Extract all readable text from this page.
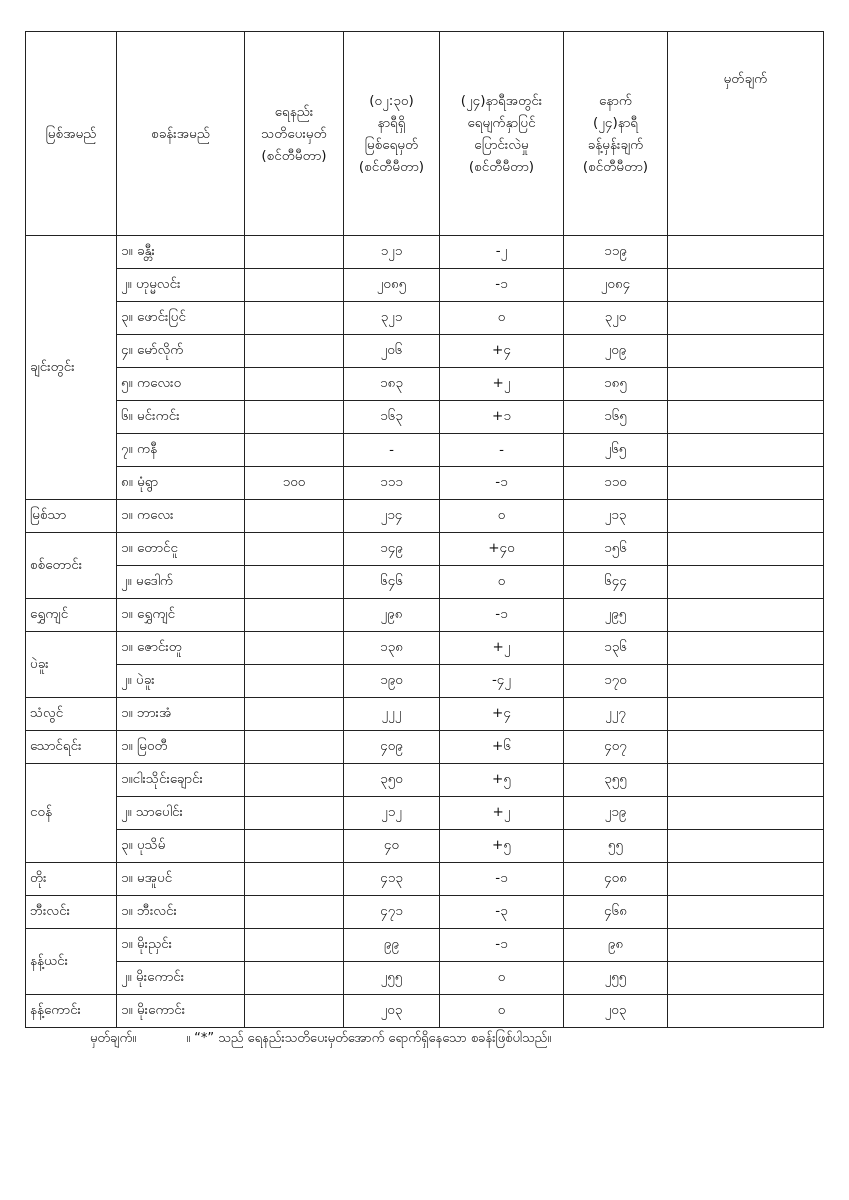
မြစ်အမည်	စခန်းအမည်	ရေနည်း
သတိပေးမှတ်
(စင်တီမီတာ)	(၀၂:၃၀)
နာရီရှိ
မြစ်ရေမှတ်
(စင်တီမီတာ)	(၂၄)နာရီအတွင်း
ရေမျက်နှာပြင်
ပြောင်းလဲမှု
(စင်တီမီတာ)	နောက်
(၂၄)နာရီ
ခန့်မှန်းချက်
(စင်တီမီတာ)	မှတ်ချက်
ချင်းတွင်း	၁။ ခန္တီး		၁၂၁	-၂	၁၁၉	
	၂။ ဟုမ္မလင်း		၂၀၈၅	-၁	၂၀၈၄	
	၃။ ဖောင်းပြင်		၃၂၁	၀	၃၂၀	
	၄။ မော်လိုက်		၂၀၆	+၄	၂၀၉	
	၅။ ကလေးဝ		၁၈၃	+၂	၁၈၅	
	၆။ မင်းကင်း		၁၆၃	+၁	၁၆၅	
	၇။ ကနီ		-	-	၂၆၅	
	၈။ မုံရွာ	၁၀၀	၁၁၁	-၁	၁၁၀	
မြစ်သာ	၁။ ကလေး		၂၁၄	၀	၂၁၃	
စစ်တောင်း	၁။ တောင်ငူ		၁၄၉	+၄၀	၁၅၆	
	၂။ မဒေါက်		၆၄၆	၀	၆၄၄	
ရွှေကျင်	၁။ ရွှေကျင်		၂၉၈	-၁	၂၉၅	
ပဲခူး	၁။ ဇောင်းတူ		၁၃၈	+၂	၁၃၆	
	၂။ ပဲခူး		၁၉၀	-၄၂	၁၇၀	
သံလွင်	၁။ ဘားအံ		၂၂၂	+၄	၂၂၇	
သောင်ရင်း	၁။ မြဝတီ		၄၀၉	+၆	၄၀၇	
ငဝန်	၁။ငါးသိုင်းချောင်း		၃၅၀	+၅	၃၅၅	
	၂။ သာပေါင်း		၂၁၂	+၂	၂၁၉	
	၃။ ပုသိမ်		၄၀	+၅	၅၅	
တိုး	၁။ မအူပင်		၄၁၃	-၁	၄၀၈	
ဘီးလင်း	၁။ ဘီးလင်း		၄၇၁	-၃	၄၆၈	
နန့်ယင်း	၁။ မိုးညှင်း		၉၉	-၁	၉၈	
	၂။ မိုးကောင်း		၂၅၅	၀	၂၅၅	
နန့်ကောင်း	၁။ မိုးကောင်း		၂၀၃	၀	၂၀၃	
မှတ်ချက်။	။ “*” သည် ရေနည်းသတိပေးမှတ်အောက် ရောက်ရှိနေသော စခန်းဖြစ်ပါသည်။
